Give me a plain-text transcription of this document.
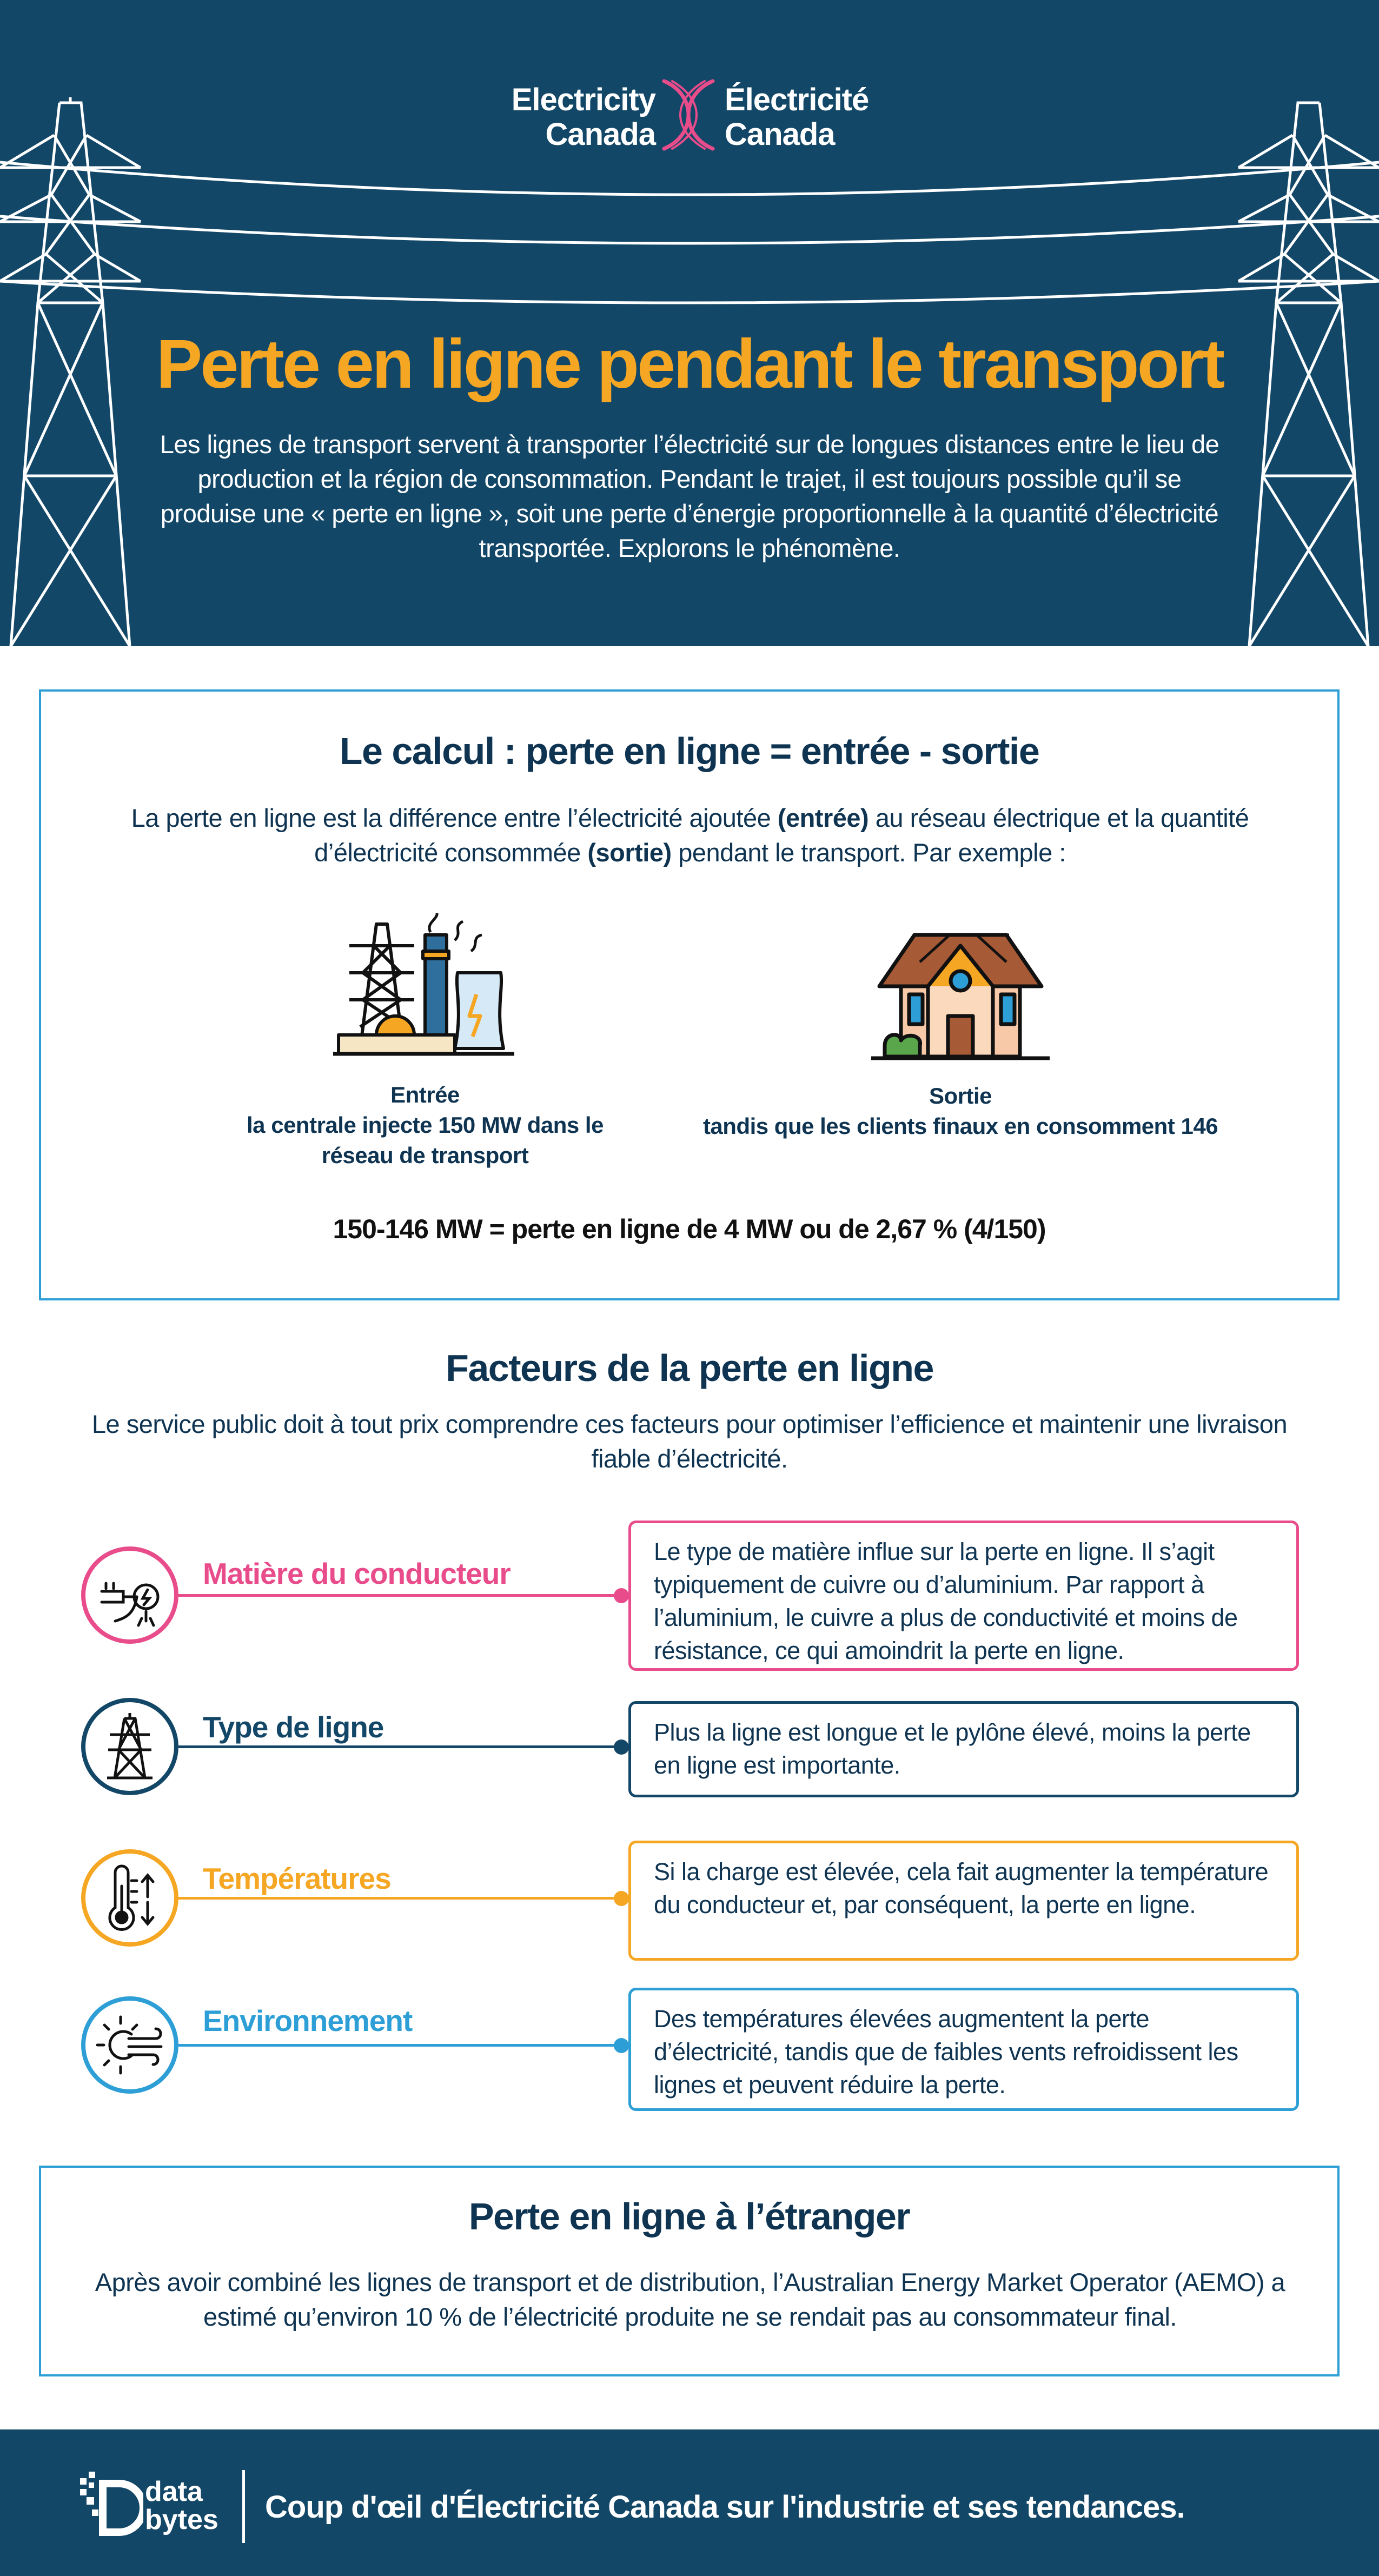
Electricity
Canada
Électricité
Canada
Perte en ligne pendant le transport

Les lignes de transport servent à transporter l’électricité sur de longues distances entre le lieu de production et la région de consommation. Pendant le trajet, il est toujours possible qu’il se produise une « perte en ligne », soit une perte d’énergie proportionnelle à la quantité d’électricité transportée. Explorons le phénomène.

Le calcul : perte en ligne = entrée - sortie

La perte en ligne est la différence entre l’électricité ajoutée (entrée) au réseau électrique et la quantité d’électricité consommée (sortie) pendant le transport. Par exemple :

Entrée
la centrale injecte 150 MW dans le réseau de transport
Sortie
tandis que les clients finaux en consomment 146
150-146 MW = perte en ligne de 4 MW ou de 2,67 % (4/150)
Facteurs de la perte en ligne

Le service public doit à tout prix comprendre ces facteurs pour optimiser l’efficience et maintenir une livraison fiable d’électricité.

Matière du conducteur
Le type de matière influe sur la perte en ligne. Il s’agit typiquement de cuivre ou d’aluminium. Par rapport à l’aluminium, le cuivre a plus de conductivité et moins de résistance, ce qui amoindrit la perte en ligne.
Type de ligne	Plus la ligne est longue et le pylône élevé, moins la perte en ligne est importante.
Températures	Si la charge est élevée, cela fait augmenter la température du conducteur et, par conséquent, la perte en ligne.
Environnement	Des températures élevées augmentent la perte d’électricité, tandis que de faibles vents refroidissent les lignes et peuvent réduire la perte.
Perte en ligne à l’étranger

Après avoir combiné les lignes de transport et de distribution, l’Australian Energy Market Operator (AEMO) a estimé qu’environ 10 % de l’électricité produite ne se rendait pas au consommateur final.

data
bytes Coup d'œil d'Électricité Canada sur l'industrie et ses tendances.
